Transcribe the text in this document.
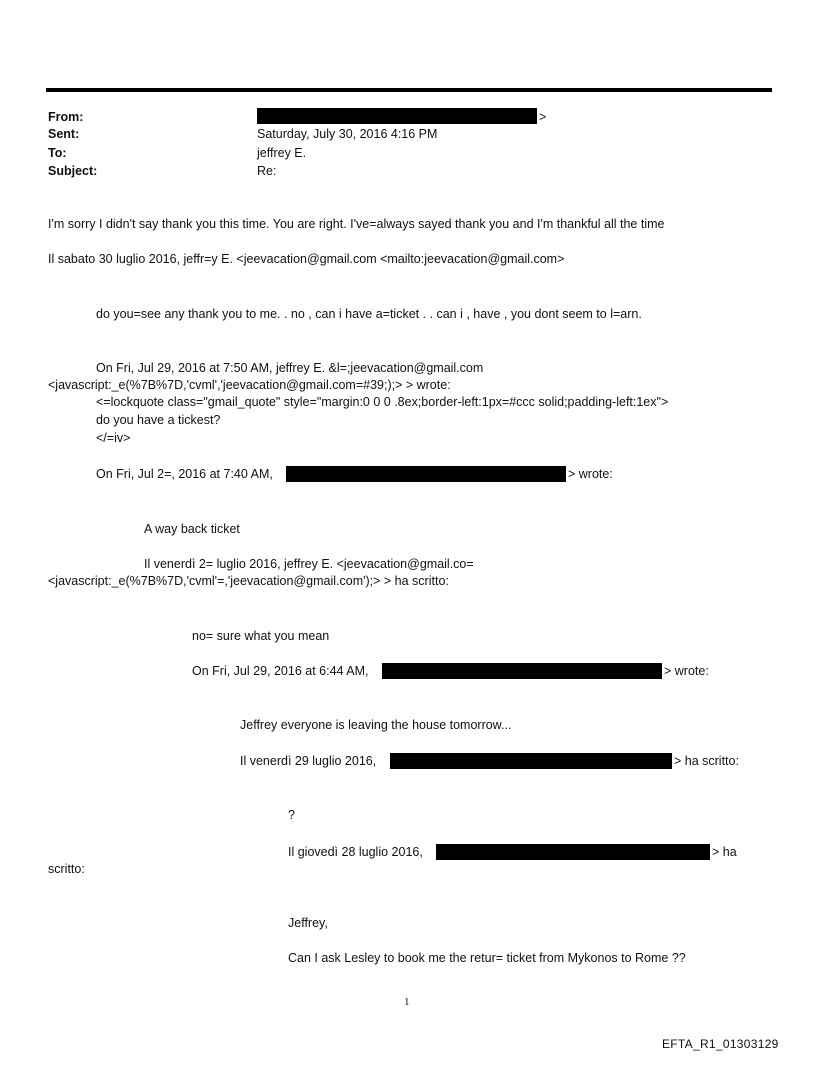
From:	>
Sent:	Saturday, July 30, 2016 4:16 PM
To:	jeffrey E.
Subject:	Re:
I'm sorry I didn't say thank you this time. You are right. I've=always sayed thank you and I'm thankful all the time
Il sabato 30 luglio 2016, jeffr=y E. <jeevacation@gmail.com <mailto:jeevacation@gmail.com>
do you=see any thank you to me. . no , can i have a=ticket . . can i , have , you dont seem to l=arn.
On Fri, Jul 29, 2016 at 7:50 AM, jeffrey E. &l=;jeevacation@gmail.com
<javascript:_e(%7B%7D,'cvml','jeevacation@gmail.com=#39;);> > wrote:
<=lockquote class="gmail_quote" style="margin:0 0 0 .8ex;border-left:1px=#ccc solid;padding-left:1ex">
do you have a tickest?
</=iv>
On Fri, Jul 2=, 2016 at 7:40 AM,	> wrote:
A way back ticket
Il venerdì 2= luglio 2016, jeffrey E. <jeevacation@gmail.co=
<javascript:_e(%7B%7D,'cvml'=,'jeevacation@gmail.com');> > ha scritto:
no= sure what you mean
On Fri, Jul 29, 2016 at 6:44 AM,	> wrote:
Jeffrey everyone is leaving the house tomorrow...
Il venerdì 29 luglio 2016,	> ha scritto:
?
Il giovedì 28 luglio 2016,	> ha
scritto:
Jeffrey,
Can I ask Lesley to book me the retur= ticket from Mykonos to Rome ??
1
EFTA_R1_01303129
